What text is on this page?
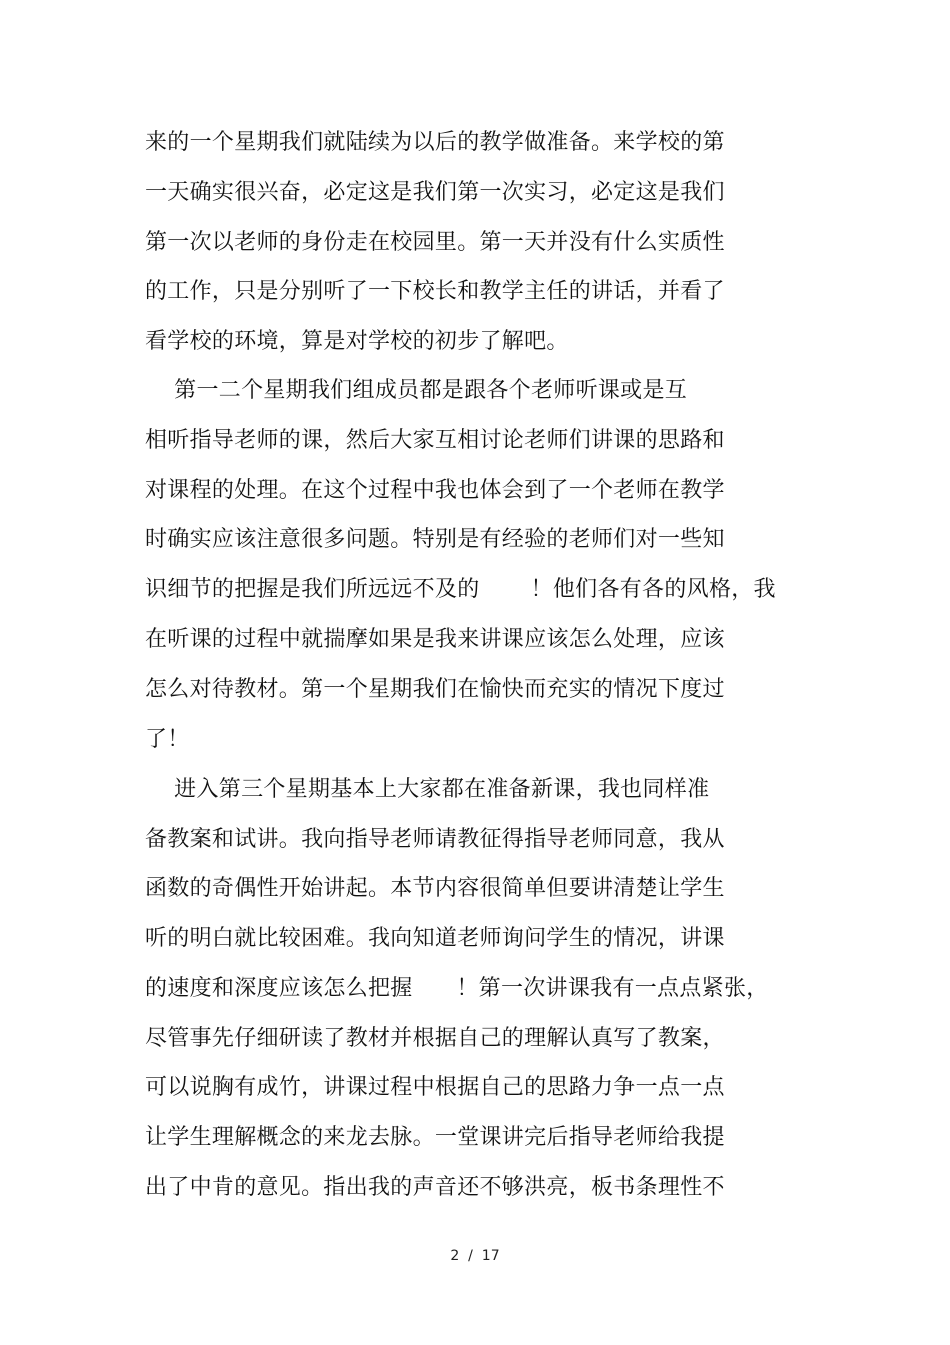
来的一个星期我们就陆续为以后的教学做准备。来学校的第
一天确实很兴奋，必定这是我们第一次实习，必定这是我们
第一次以老师的身份走在校园里。第一天并没有什么实质性
的工作，只是分别听了一下校长和教学主任的讲话，并看了
看学校的环境，算是对学校的初步了解吧。
第一二个星期我们组成员都是跟各个老师听课或是互
相听指导老师的课，然后大家互相讨论老师们讲课的思路和
对课程的处理。在这个过程中我也体会到了一个老师在教学
时确实应该注意很多问题。特别是有经验的老师们对一些知
识细节的把握是我们所远远不及的       ！他们各有各的风格，我
在听课的过程中就揣摩如果是我来讲课应该怎么处理，应该
怎么对待教材。第一个星期我们在愉快而充实的情况下度过
了！
进入第三个星期基本上大家都在准备新课，我也同样准
备教案和试讲。我向指导老师请教征得指导老师同意，我从
函数的奇偶性开始讲起。本节内容很简单但要讲清楚让学生
听的明白就比较困难。我向知道老师询问学生的情况，讲课
的速度和深度应该怎么把握      ！第一次讲课我有一点点紧张，
尽管事先仔细研读了教材并根据自己的理解认真写了教案，
可以说胸有成竹，讲课过程中根据自己的思路力争一点一点
让学生理解概念的来龙去脉。一堂课讲完后指导老师给我提
出了中肯的意见。指出我的声音还不够洪亮，板书条理性不
2  /  17
